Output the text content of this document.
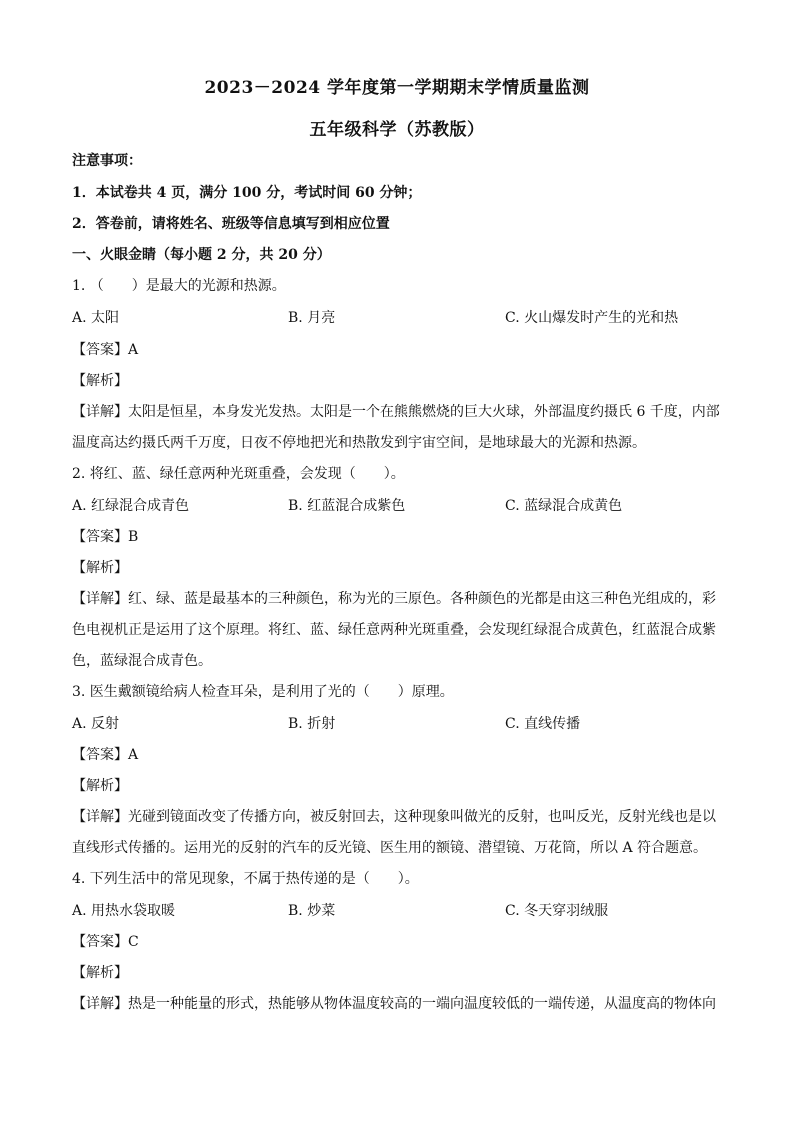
2023－2024 学年度第一学期期末学情质量监测
五年级科学（苏教版）
注意事项：
1．本试卷共 4 页，满分 100 分，考试时间 60 分钟；
2．答卷前，请将姓名、班级等信息填写到相应位置
一、火眼金睛（每小题 2 分，共 20 分）
1. （　　）是最大的光源和热源。
A. 太阳	B. 月亮	C. 火山爆发时产生的光和热
【答案】A
【解析】
【详解】太阳是恒星，本身发光发热。太阳是一个在熊熊燃烧的巨大火球，外部温度约摄氏 6 千度，内部
温度高达约摄氏两千万度，日夜不停地把光和热散发到宇宙空间，是地球最大的光源和热源。
2. 将红、蓝、绿任意两种光斑重叠，会发现（　　）。
A. 红绿混合成青色	B. 红蓝混合成紫色	C. 蓝绿混合成黄色
【答案】B
【解析】
【详解】红、绿、蓝是最基本的三种颜色，称为光的三原色。各种颜色的光都是由这三种色光组成的，彩
色电视机正是运用了这个原理。将红、蓝、绿任意两种光斑重叠，会发现红绿混合成黄色，红蓝混合成紫
色，蓝绿混合成青色。
3. 医生戴额镜给病人检查耳朵，是利用了光的（　　）原理。
A. 反射	B. 折射	C. 直线传播
【答案】A
【解析】
【详解】光碰到镜面改变了传播方向，被反射回去，这种现象叫做光的反射，也叫反光，反射光线也是以
直线形式传播的。运用光的反射的汽车的反光镜、医生用的额镜、潜望镜、万花筒，所以 A 符合题意。
4. 下列生活中的常见现象，不属于热传递的是（　　）。
A. 用热水袋取暖	B. 炒菜	C. 冬天穿羽绒服
【答案】C
【解析】
【详解】热是一种能量的形式，热能够从物体温度较高的一端向温度较低的一端传递，从温度高的物体向
